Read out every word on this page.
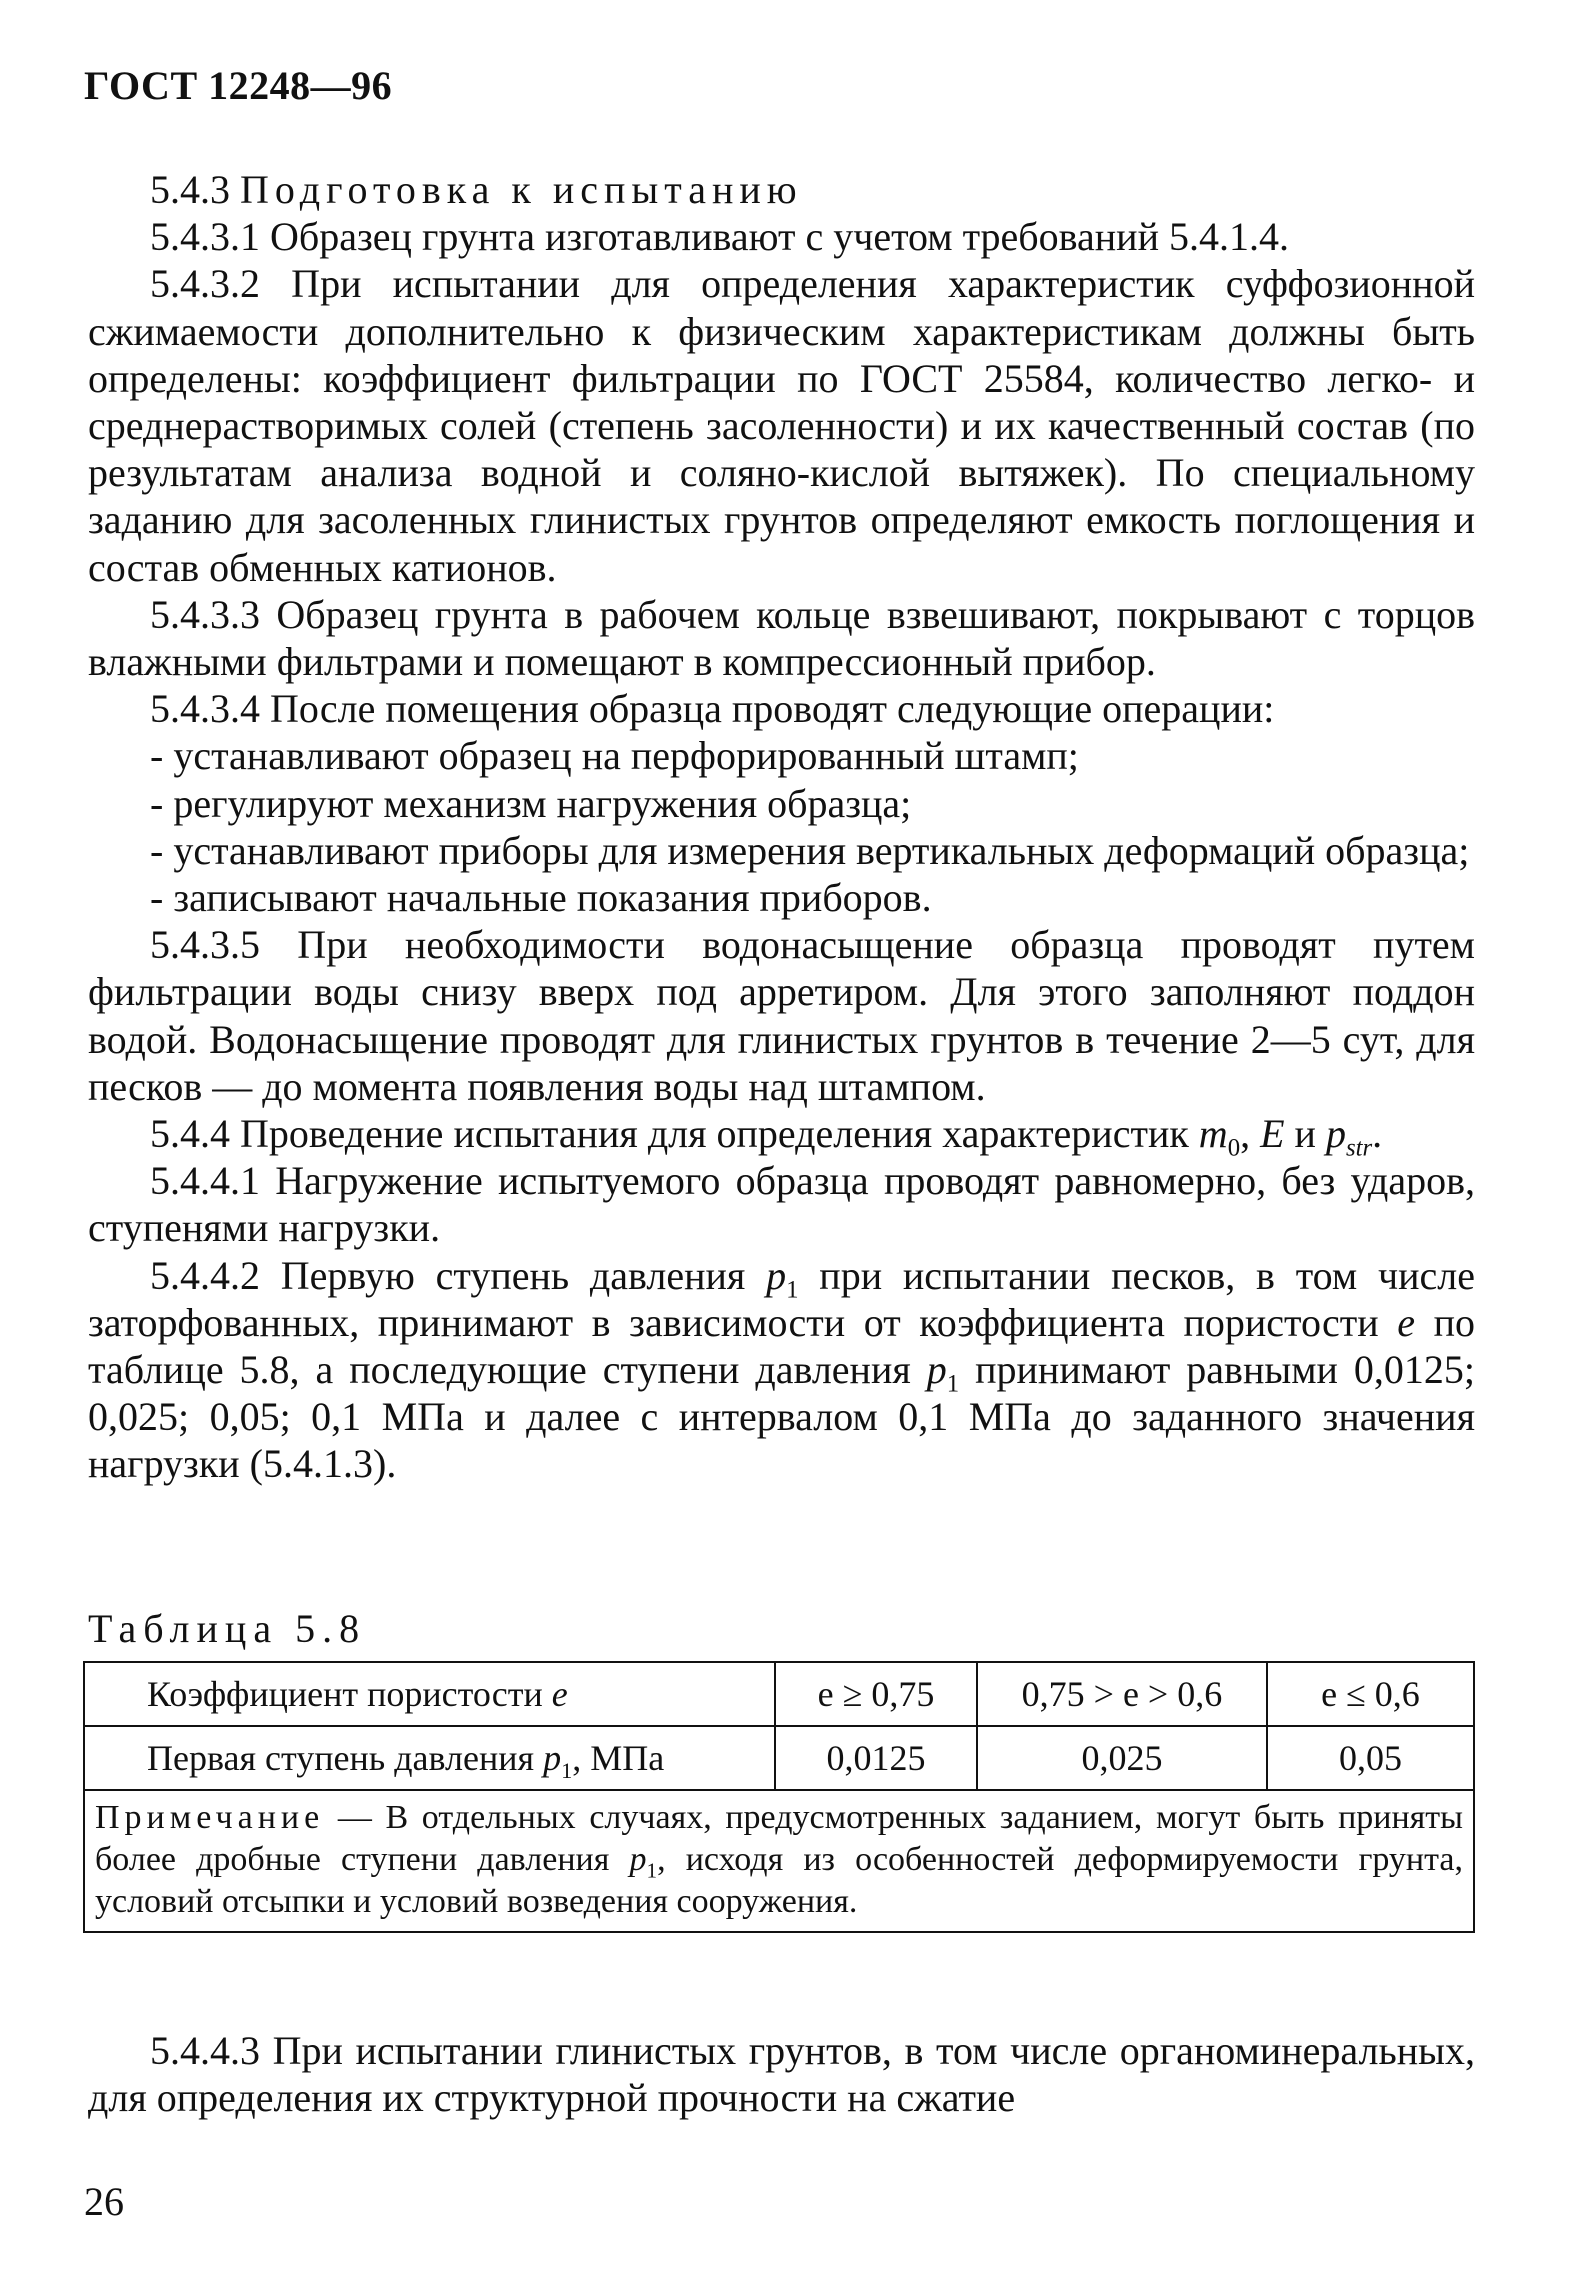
ГОСТ 12248—96

5.4.3 Подготовка к испытанию

5.4.3.1 Образец грунта изготавливают с учетом требований 5.4.1.4.

5.4.3.2 При испытании для определения характеристик суффозионной сжимаемости дополнительно к физическим характеристикам должны быть определены: коэффициент фильтрации по ГОСТ 25584, количество легко- и среднерастворимых солей (степень засоленности) и их качественный состав (по результатам анализа водной и соляно-кислой вытяжек). По специальному заданию для засоленных глинистых грунтов определяют емкость поглощения и состав обменных катионов.

5.4.3.3 Образец грунта в рабочем кольце взвешивают, покрывают с торцов влажными фильтрами и помещают в компрессионный прибор.

5.4.3.4 После помещения образца проводят следующие операции:

- устанавливают образец на перфорированный штамп;

- регулируют механизм нагружения образца;

- устанавливают приборы для измерения вертикальных деформаций образца;

- записывают начальные показания приборов.

5.4.3.5 При необходимости водонасыщение образца проводят путем фильтрации воды снизу вверх под арретиром. Для этого заполняют поддон водой. Водонасыщение проводят для глинистых грунтов в течение 2—5 сут, для песков — до момента появления воды над штампом.

5.4.4 Проведение испытания для определения характеристик $m_0$, E и $p_{str}$.

5.4.4.1 Нагружение испытуемого образца проводят равномерно, без ударов, ступенями нагрузки.

5.4.4.2 Первую ступень давления $p_1$ при испытании песков, в том числе заторфованных, принимают в зависимости от коэффициента пористости e по таблице 5.8, а последующие ступени давления $p_1$ принимают равными 0,0125; 0,025; 0,05; 0,1 МПа и далее с интервалом 0,1 МПа до заданного значения нагрузки (5.4.1.3).

Таблица 5.8
Коэффициент пористости e	e ≥ 0,75	0,75 > e > 0,6	e ≤ 0,6
Первая ступень давления $p_1$, МПа	0,0125	0,025	0,05
Примечание — В отдельных случаях, предусмотренных заданием, могут быть приняты более дробные ступени давления $p_1$, исходя из особенностей деформируемости грунта, условий отсыпки и условий возведения сооружения.			

5.4.4.3 При испытании глинистых грунтов, в том числе органоминеральных, для определения их структурной прочности на сжатие

26
